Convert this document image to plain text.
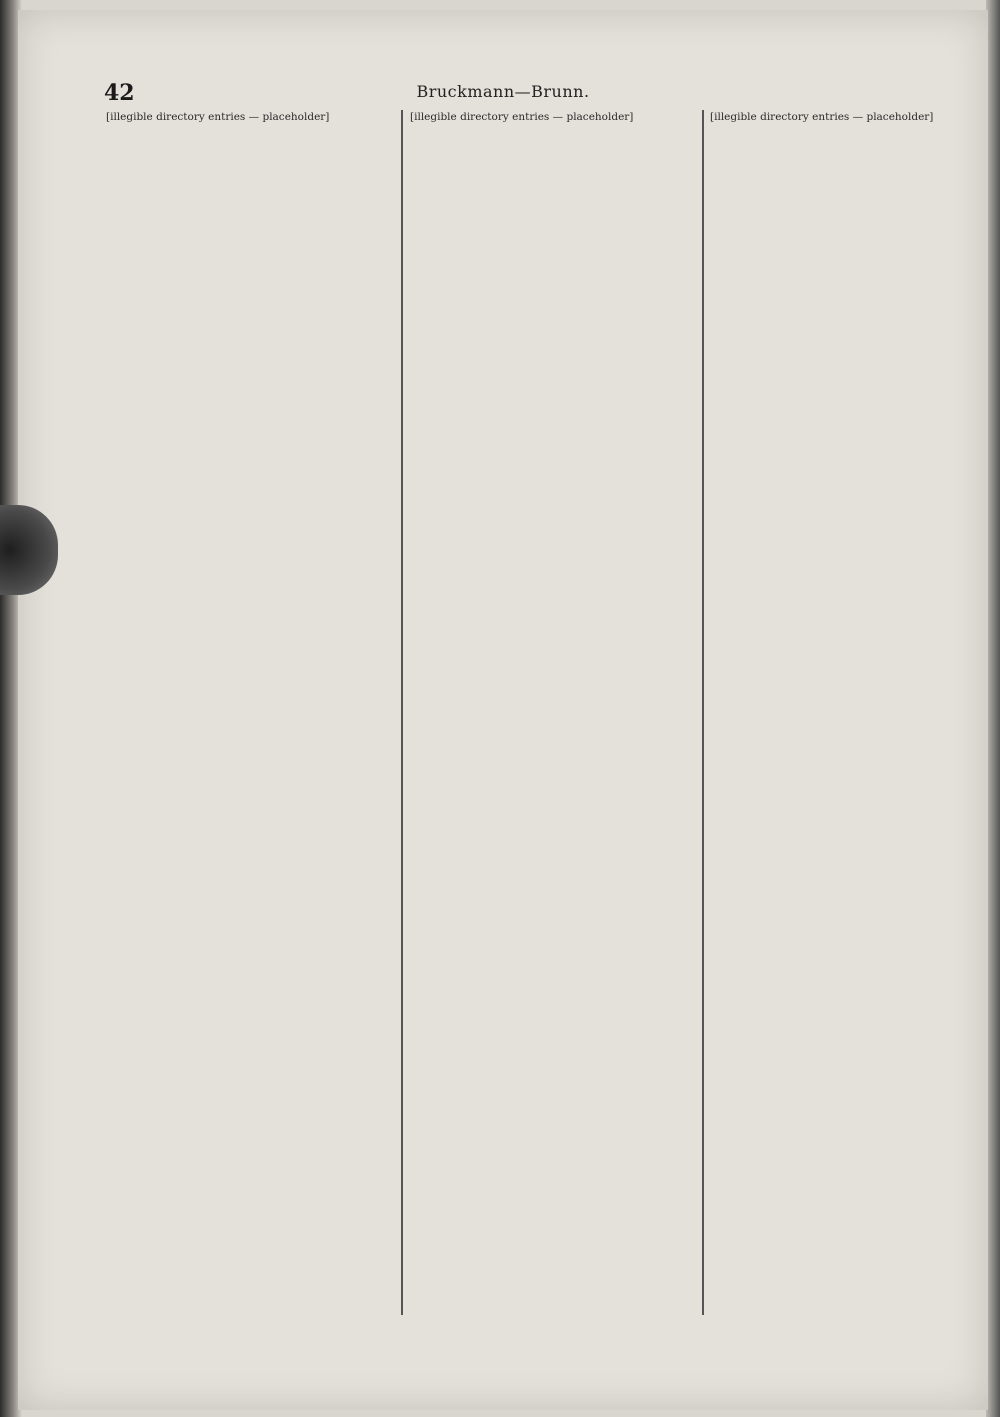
42	Bruckmann—Brunn.

[illegible directory entries — placeholder]	[illegible directory entries — placeholder]	[illegible directory entries — placeholder]
